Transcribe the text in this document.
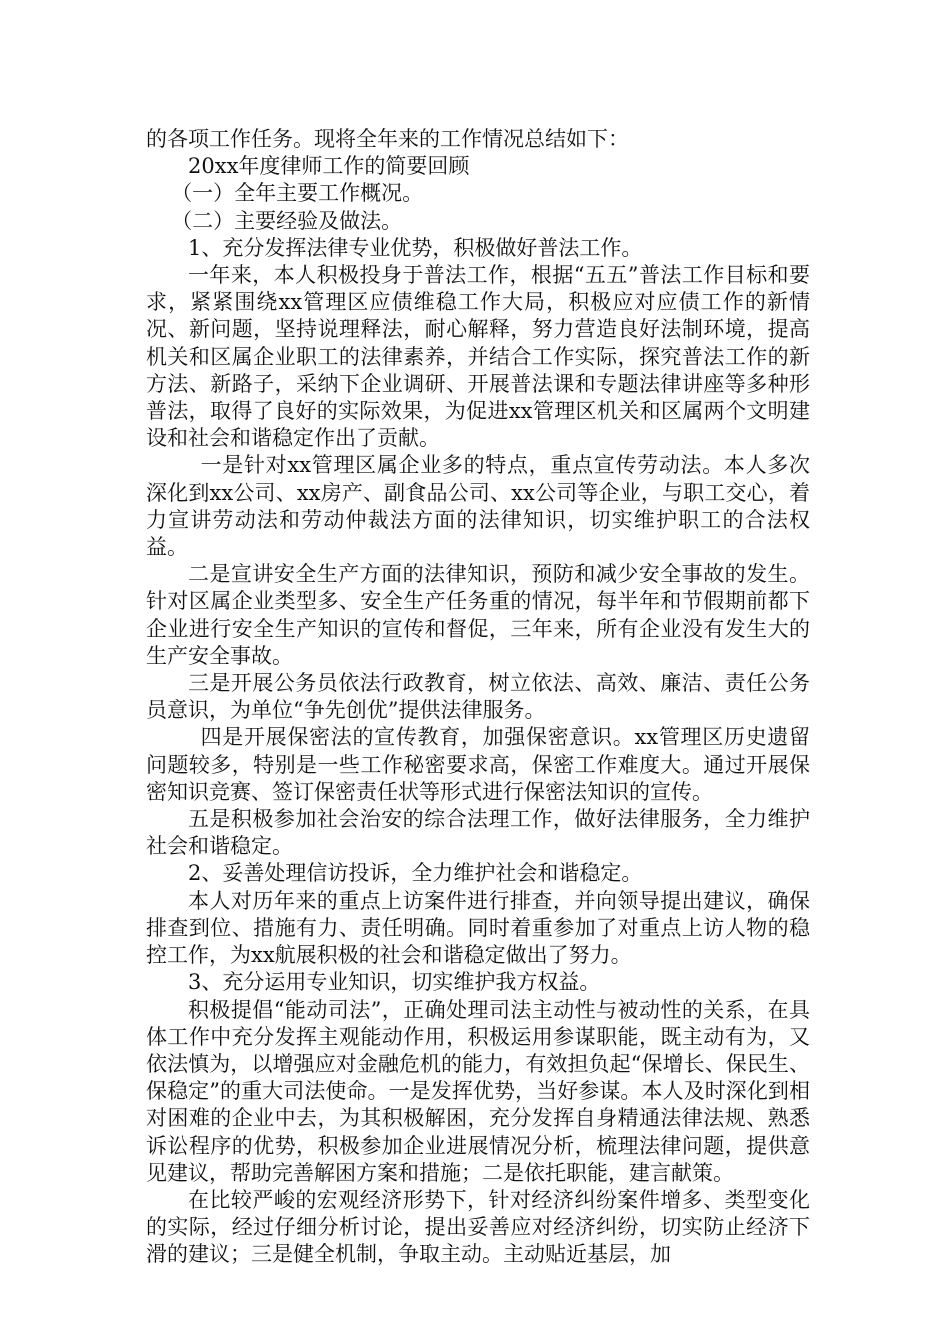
的各项工作任务。现将全年来的工作情况总结如下：

20xx年度律师工作的简要回顾

（一）全年主要工作概况。

（二）主要经验及做法。

1、充分发挥法律专业优势，积极做好普法工作。

一年来，本人积极投身于普法工作，根据“五五”普法工作目标和要求，紧紧围绕xx管理区应债维稳工作大局，积极应对应债工作的新情况、新问题，坚持说理释法，耐心解释，努力营造良好法制环境，提高机关和区属企业职工的法律素养，并结合工作实际，探究普法工作的新方法、新路子，采纳下企业调研、开展普法课和专题法律讲座等多种形普法，取得了良好的实际效果，为促进xx管理区机关和区属两个文明建设和社会和谐稳定作出了贡献。

一是针对xx管理区属企业多的特点，重点宣传劳动法。本人多次深化到xx公司、xx房产、副食品公司、xx公司等企业，与职工交心，着力宣讲劳动法和劳动仲裁法方面的法律知识，切实维护职工的合法权益。

二是宣讲安全生产方面的法律知识，预防和减少安全事故的发生。针对区属企业类型多、安全生产任务重的情况，每半年和节假期前都下企业进行安全生产知识的宣传和督促，三年来，所有企业没有发生大的生产安全事故。

三是开展公务员依法行政教育，树立依法、高效、廉洁、责任公务员意识，为单位“争先创优”提供法律服务。

四是开展保密法的宣传教育，加强保密意识。xx管理区历史遗留问题较多，特别是一些工作秘密要求高，保密工作难度大。通过开展保密知识竞赛、签订保密责任状等形式进行保密法知识的宣传。

五是积极参加社会治安的综合法理工作，做好法律服务，全力维护社会和谐稳定。

2、妥善处理信访投诉，全力维护社会和谐稳定。

本人对历年来的重点上访案件进行排查，并向领导提出建议，确保排查到位、措施有力、责任明确。同时着重参加了对重点上访人物的稳控工作，为xx航展积极的社会和谐稳定做出了努力。

3、充分运用专业知识，切实维护我方权益。

积极提倡“能动司法”，正确处理司法主动性与被动性的关系，在具体工作中充分发挥主观能动作用，积极运用参谋职能，既主动有为，又依法慎为，以增强应对金融危机的能力，有效担负起“保增长、保民生、保稳定”的重大司法使命。一是发挥优势，当好参谋。本人及时深化到相对困难的企业中去，为其积极解困，充分发挥自身精通法律法规、熟悉诉讼程序的优势，积极参加企业进展情况分析，梳理法律问题，提供意见建议，帮助完善解困方案和措施；二是依托职能，建言献策。

在比较严峻的宏观经济形势下，针对经济纠纷案件增多、类型变化的实际，经过仔细分析讨论，提出妥善应对经济纠纷，切实防止经济下滑的建议；三是健全机制，争取主动。主动贴近基层，加
